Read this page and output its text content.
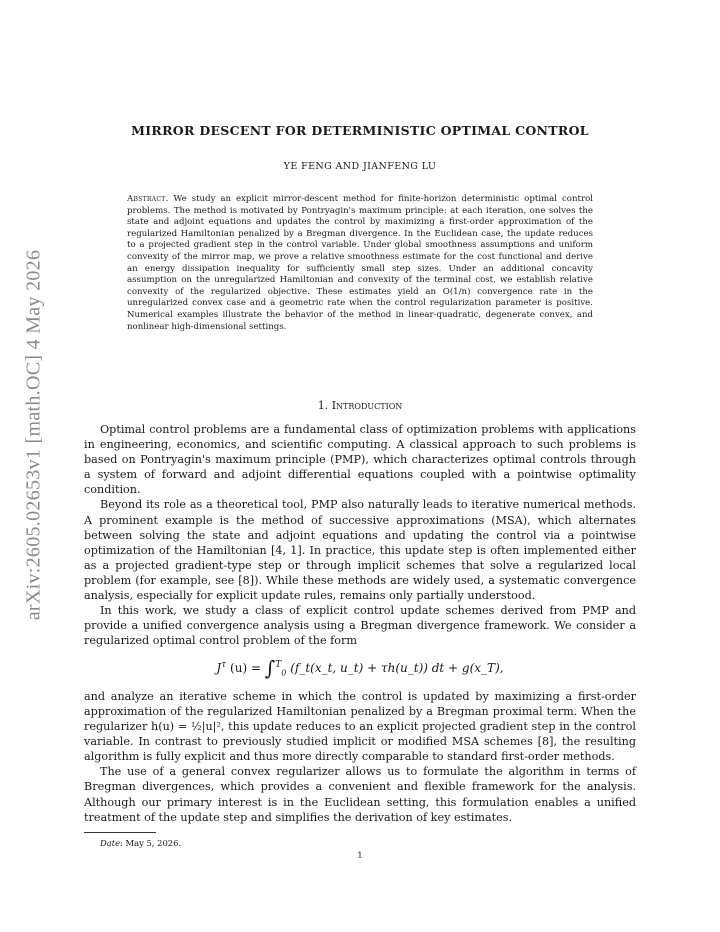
arXiv:2605.02653v1 [math.OC] 4 May 2026
MIRROR DESCENT FOR DETERMINISTIC OPTIMAL CONTROL
YE FENG AND JIANFENG LU
Abstract. We study an explicit mirror-descent method for finite-horizon deterministic optimal control problems. The method is motivated by Pontryagin's maximum principle: at each iteration, one solves the state and adjoint equations and updates the control by maximizing a first-order approximation of the regularized Hamiltonian penalized by a Bregman divergence. In the Euclidean case, the update reduces to a projected gradient step in the control variable. Under global smoothness assumptions and uniform convexity of the mirror map, we prove a relative smoothness estimate for the cost functional and derive an energy dissipation inequality for sufficiently small step sizes. Under an additional concavity assumption on the unregularized Hamiltonian and convexity of the terminal cost, we establish relative convexity of the regularized objective. These estimates yield an O(1/n) convergence rate in the unregularized convex case and a geometric rate when the control regularization parameter is positive. Numerical examples illustrate the behavior of the method in linear-quadratic, degenerate convex, and nonlinear high-dimensional settings.
1. Introduction

Optimal control problems are a fundamental class of optimization problems with applications in engineering, economics, and scientific computing. A classical approach to such problems is based on Pontryagin's maximum principle (PMP), which characterizes optimal controls through a system of forward and adjoint differential equations coupled with a pointwise optimality condition.

Beyond its role as a theoretical tool, PMP also naturally leads to iterative numerical methods. A prominent example is the method of successive approximations (MSA), which alternates between solving the state and adjoint equations and updating the control via a pointwise optimization of the Hamiltonian [4, 1]. In practice, this update step is often implemented either as a projected gradient-type step or through implicit schemes that solve a regularized local problem (for example, see [8]). While these methods are widely used, a systematic convergence analysis, especially for explicit update rules, remains only partially understood.

In this work, we study a class of explicit control update schemes derived from PMP and provide a unified convergence analysis using a Bregman divergence framework. We consider a regularized optimal control problem of the form

$J^\tau$ (u) = ∫$^T_0$ (f_t(x_t, u_t) + τh(u_t)) dt + g(x_T),

and analyze an iterative scheme in which the control is updated by maximizing a first-order approximation of the regularized Hamiltonian penalized by a Bregman proximal term. When the regularizer h(u) = ½|u|², this update reduces to an explicit projected gradient step in the control variable. In contrast to previously studied implicit or modified MSA schemes [8], the resulting algorithm is fully explicit and thus more directly comparable to standard first-order methods.

The use of a general convex regularizer allows us to formulate the algorithm in terms of Bregman divergences, which provides a convenient and flexible framework for the analysis. Although our primary interest is in the Euclidean setting, this formulation enables a unified treatment of the update step and simplifies the derivation of key estimates.

Date: May 5, 2026.
1
